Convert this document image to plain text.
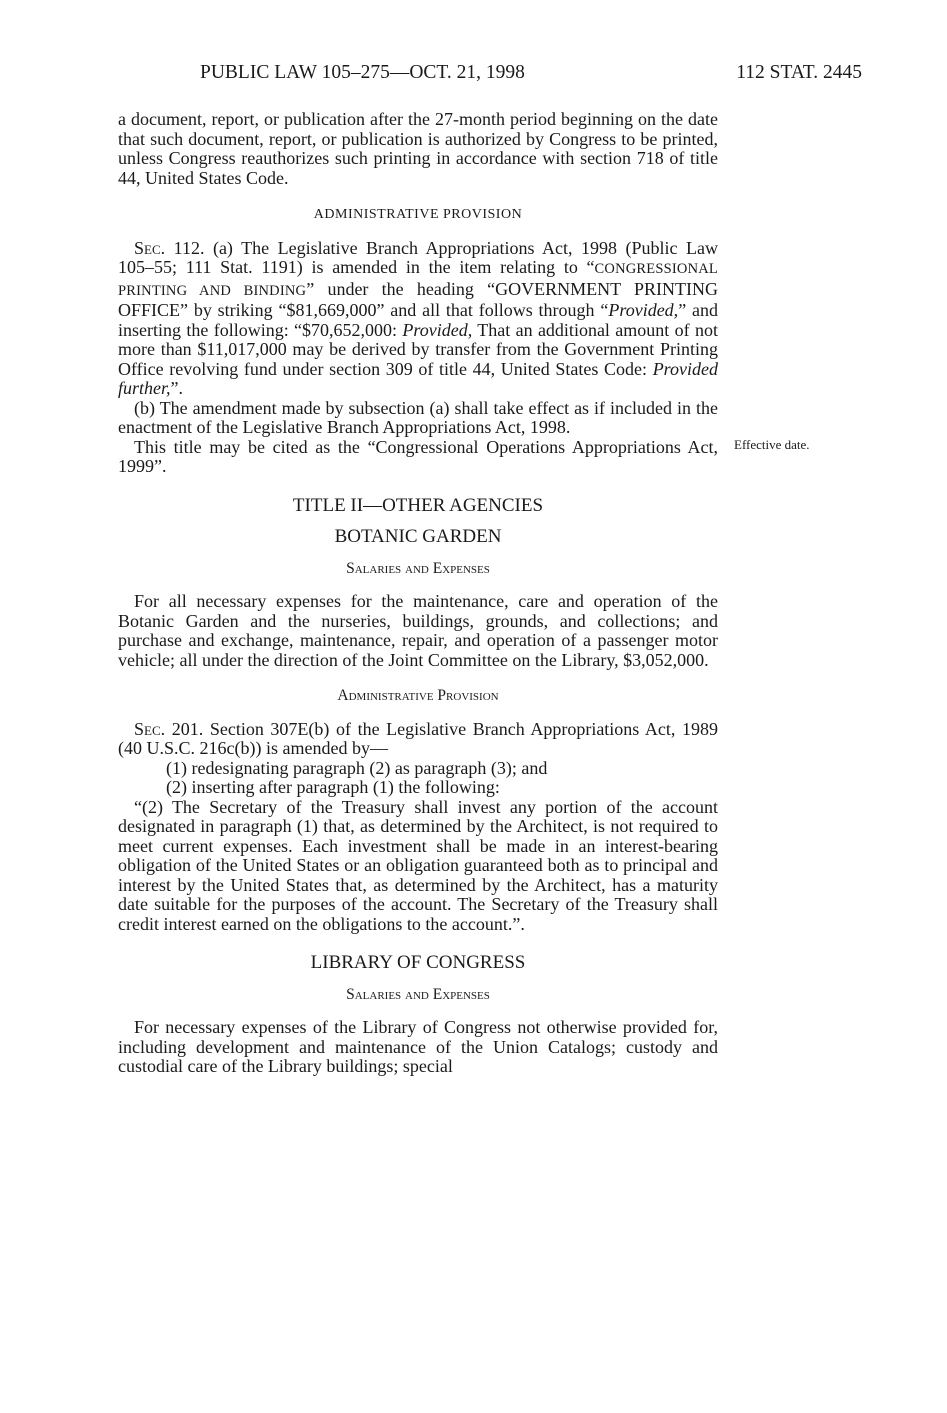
PUBLIC LAW 105–275—OCT. 21, 1998	112 STAT. 2445
Effective date.

a document, report, or publication after the 27-month period beginning on the date that such document, report, or publication is authorized by Congress to be printed, unless Congress reauthorizes such printing in accordance with section 718 of title 44, United States Code.

ADMINISTRATIVE PROVISION

Sec. 112. (a) The Legislative Branch Appropriations Act, 1998 (Public Law 105–55; 111 Stat. 1191) is amended in the item relating to “CONGRESSIONAL PRINTING AND BINDING” under the heading “GOVERNMENT PRINTING OFFICE” by striking “$81,669,000” and all that follows through “Provided,” and inserting the following: “$70,652,000: Provided, That an additional amount of not more than $11,017,000 may be derived by transfer from the Government Printing Office revolving fund under section 309 of title 44, United States Code: Provided further,”.

(b) The amendment made by subsection (a) shall take effect as if included in the enactment of the Legislative Branch Appropriations Act, 1998.

This title may be cited as the “Congressional Operations Appropriations Act, 1999”.

TITLE II—OTHER AGENCIES
BOTANIC GARDEN
Salaries and Expenses

For all necessary expenses for the maintenance, care and operation of the Botanic Garden and the nurseries, buildings, grounds, and collections; and purchase and exchange, maintenance, repair, and operation of a passenger motor vehicle; all under the direction of the Joint Committee on the Library, $3,052,000.

Administrative Provision

Sec. 201. Section 307E(b) of the Legislative Branch Appropriations Act, 1989 (40 U.S.C. 216c(b)) is amended by—

(1) redesignating paragraph (2) as paragraph (3); and

(2) inserting after paragraph (1) the following:

“(2) The Secretary of the Treasury shall invest any portion of the account designated in paragraph (1) that, as determined by the Architect, is not required to meet current expenses. Each investment shall be made in an interest-bearing obligation of the United States or an obligation guaranteed both as to principal and interest by the United States that, as determined by the Architect, has a maturity date suitable for the purposes of the account. The Secretary of the Treasury shall credit interest earned on the obligations to the account.”.

LIBRARY OF CONGRESS
Salaries and Expenses

For necessary expenses of the Library of Congress not otherwise provided for, including development and maintenance of the Union Catalogs; custody and custodial care of the Library buildings; special
